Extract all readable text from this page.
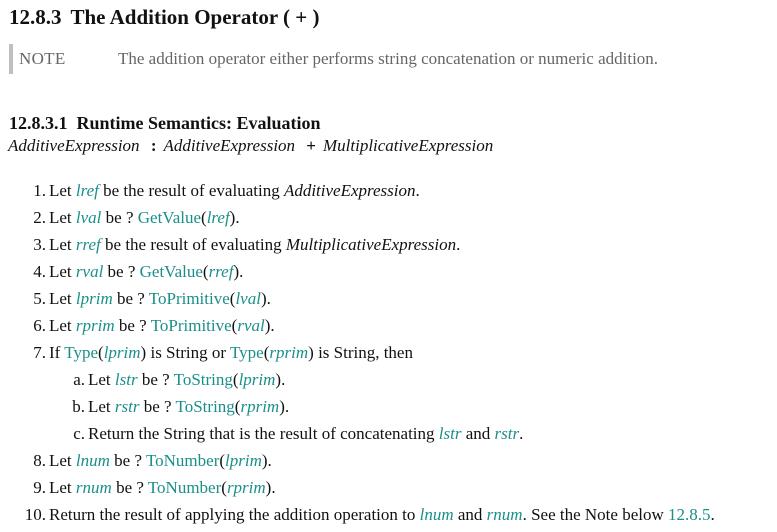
12.8.3 The Addition Operator ( + )
NOTE	The addition operator either performs string concatenation or numeric addition.
12.8.3.1 Runtime Semantics: Evaluation
AdditiveExpression : AdditiveExpression + MultiplicativeExpression
1. Let lref be the result of evaluating AdditiveExpression.
2. Let lval be ? GetValue(lref).
3. Let rref be the result of evaluating MultiplicativeExpression.
4. Let rval be ? GetValue(rref).
5. Let lprim be ? ToPrimitive(lval).
6. Let rprim be ? ToPrimitive(rval).
7. If Type(lprim) is String or Type(rprim) is String, then
a. Let lstr be ? ToString(lprim).
b. Let rstr be ? ToString(rprim).
c. Return the String that is the result of concatenating lstr and rstr.
8. Let lnum be ? ToNumber(lprim).
9. Let rnum be ? ToNumber(rprim).
10. Return the result of applying the addition operation to lnum and rnum. See the Note below 12.8.5.
